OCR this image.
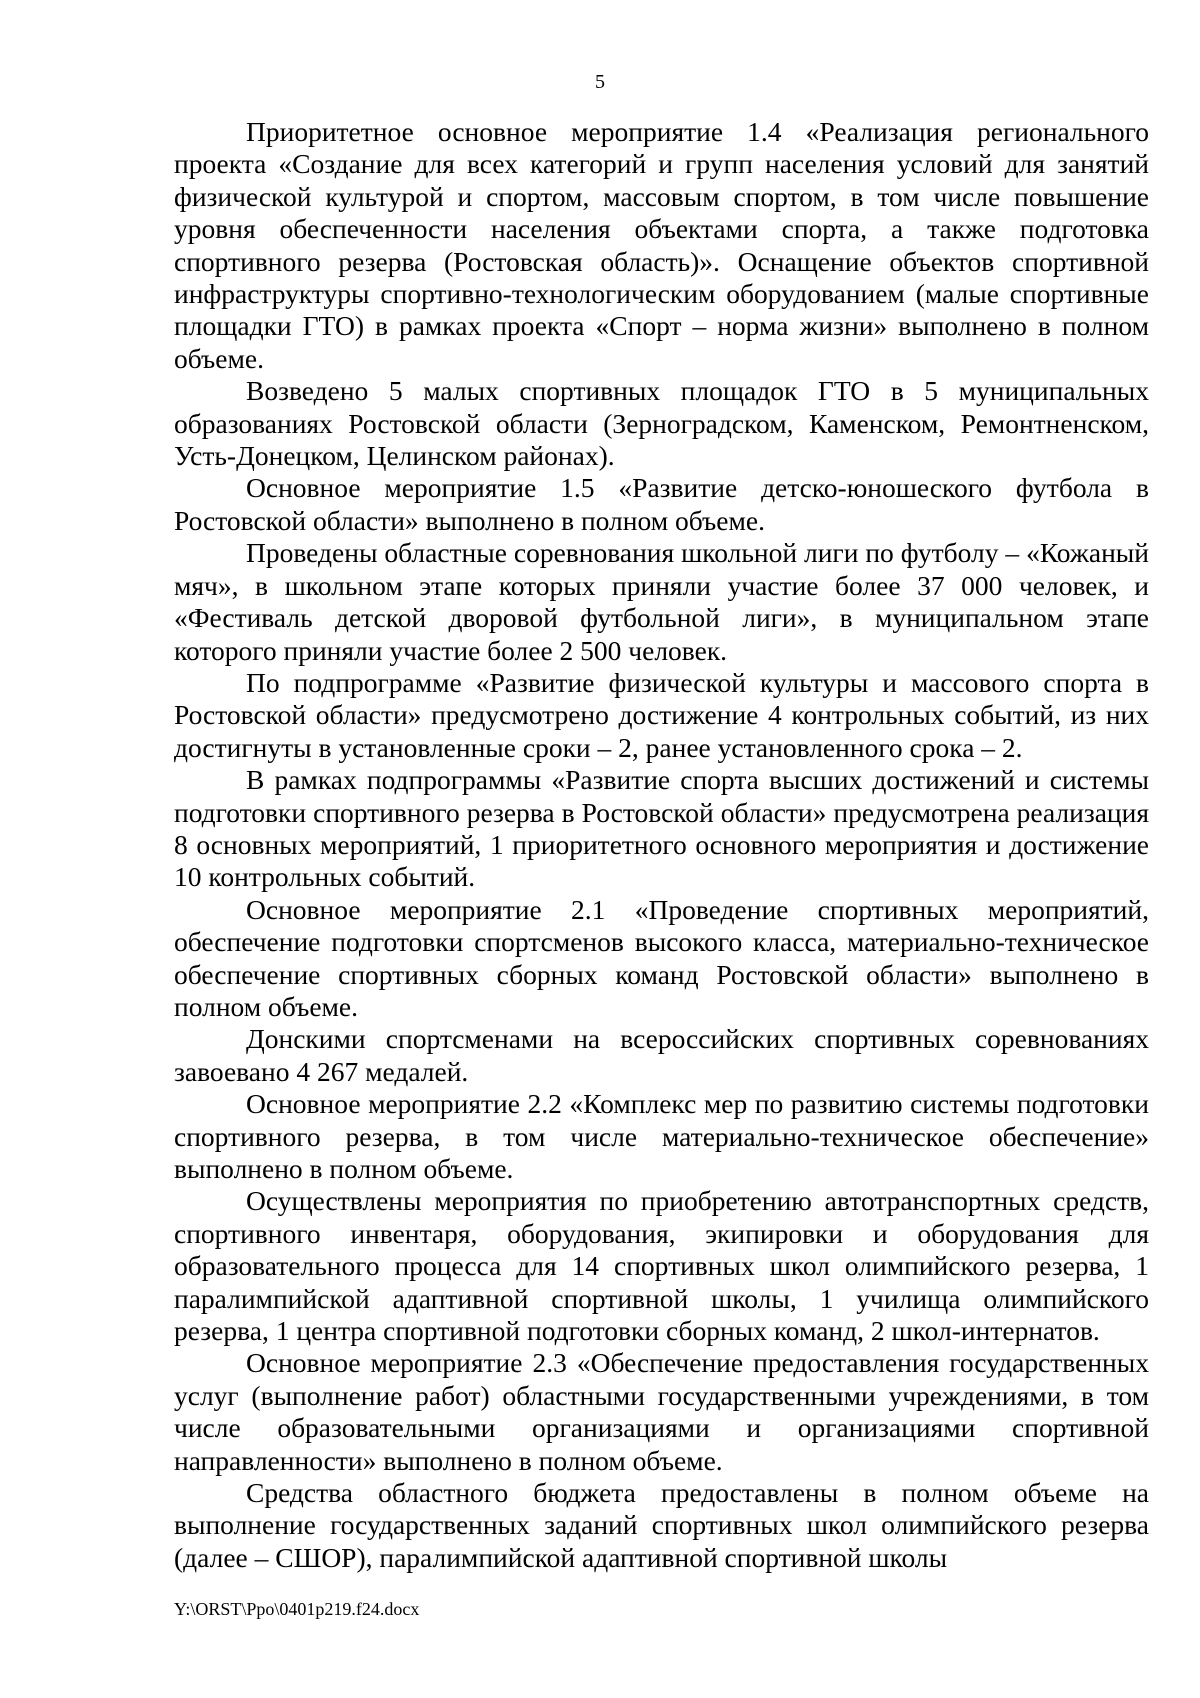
5

Приоритетное основное мероприятие 1.4 «Реализация регионального проекта «Создание для всех категорий и групп населения условий для занятий физической культурой и спортом, массовым спортом, в том числе повышение уровня обеспеченности населения объектами спорта, а также подготовка спортивного резерва (Ростовская область)». Оснащение объектов спортивной инфраструктуры спортивно-технологическим оборудованием (малые спортивные площадки ГТО) в рамках проекта «Спорт – норма жизни» выполнено в полном объеме.

Возведено 5 малых спортивных площадок ГТО в 5 муниципальных образованиях Ростовской области (Зерноградском, Каменском, Ремонтненском, Усть-Донецком, Целинском районах).

Основное мероприятие 1.5 «Развитие детско-юношеского футбола в Ростовской области» выполнено в полном объеме.

Проведены областные соревнования школьной лиги по футболу – «Кожаный мяч», в школьном этапе которых приняли участие более 37 000 человек, и «Фестиваль детской дворовой футбольной лиги», в муниципальном этапе которого приняли участие более 2 500 человек.

По подпрограмме «Развитие физической культуры и массового спорта в Ростовской области» предусмотрено достижение 4 контрольных событий, из них достигнуты в установленные сроки – 2, ранее установленного срока – 2.

В рамках подпрограммы «Развитие спорта высших достижений и системы подготовки спортивного резерва в Ростовской области» предусмотрена реализация 8 основных мероприятий, 1 приоритетного основного мероприятия и достижение 10 контрольных событий.

Основное мероприятие 2.1 «Проведение спортивных мероприятий, обеспечение подготовки спортсменов высокого класса, материально-техническое обеспечение спортивных сборных команд Ростовской области» выполнено в полном объеме.

Донскими спортсменами на всероссийских спортивных соревнованиях завоевано 4 267 медалей.

Основное мероприятие 2.2 «Комплекс мер по развитию системы подготовки спортивного резерва, в том числе материально-техническое обеспечение» выполнено в полном объеме.

Осуществлены мероприятия по приобретению автотранспортных средств, спортивного инвентаря, оборудования, экипировки и оборудования для образовательного процесса для 14 спортивных школ олимпийского резерва, 1 паралимпийской адаптивной спортивной школы, 1 училища олимпийского резерва, 1 центра спортивной подготовки сборных команд, 2 школ-интернатов.

Основное мероприятие 2.3 «Обеспечение предоставления государственных услуг (выполнение работ) областными государственными учреждениями, в том числе образовательными организациями и организациями спортивной направленности» выполнено в полном объеме.

Средства областного бюджета предоставлены в полном объеме на выполнение государственных заданий спортивных школ олимпийского резерва (далее – СШОР), паралимпийской адаптивной спортивной школы

Y:\ORST\Ppo\0401p219.f24.docx
